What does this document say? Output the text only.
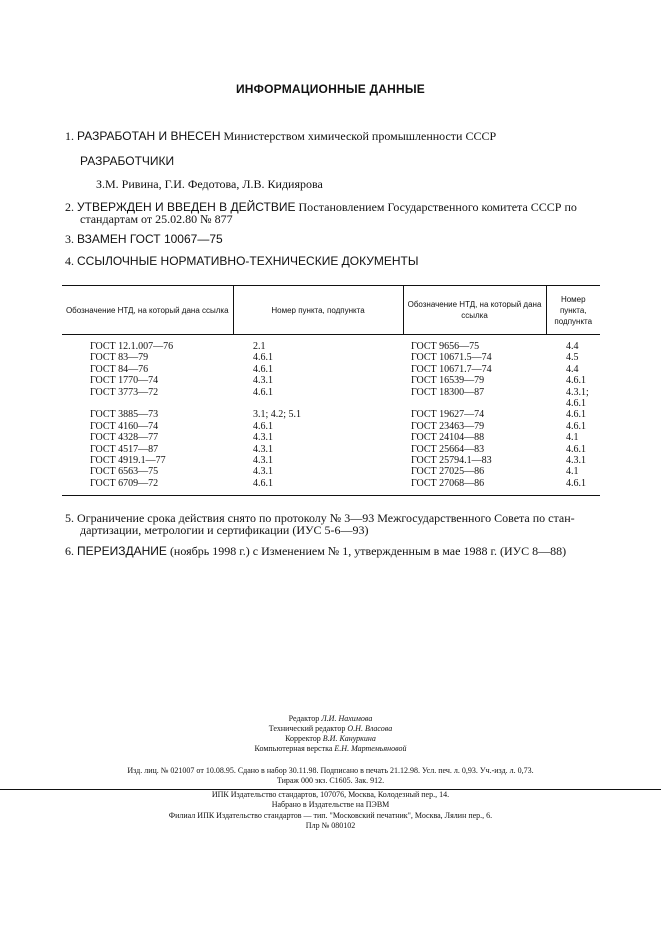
ИНФОРМАЦИОННЫЕ ДАННЫЕ
1. РАЗРАБОТАН И ВНЕСЕН Министерством химической промышленности СССР
РАЗРАБОТЧИКИ
З.М. Ривина, Г.И. Федотова, Л.В. Кидиярова
2. УТВЕРЖДЕН И ВВЕДЕН В ДЕЙСТВИЕ Постановлением Государственного комитета СССР по
стандартам от 25.02.80 № 877
3. ВЗАМЕН ГОСТ 10067—75
4. ССЫЛОЧНЫЕ НОРМАТИВНО-ТЕХНИЧЕСКИЕ ДОКУМЕНТЫ
Обозначение НТД, на который дана ссылка	Номер пункта, подпункта	Обозначение НТД, на который дана ссылка	Номер пункта, подпункта

ГОСТ 12.1.007—76	2.1	ГОСТ 9656—75	4.4
ГОСТ 83—79	4.6.1	ГОСТ 10671.5—74	4.5
ГОСТ 84—76	4.6.1	ГОСТ 10671.7—74	4.4
ГОСТ 1770—74	4.3.1	ГОСТ 16539—79	4.6.1
ГОСТ 3773—72	4.6.1	ГОСТ 18300—87	4.3.1; 4.6.1
ГОСТ 3885—73	3.1; 4.2; 5.1	ГОСТ 19627—74	4.6.1
ГОСТ 4160—74	4.6.1	ГОСТ 23463—79	4.6.1
ГОСТ 4328—77	4.3.1	ГОСТ 24104—88	4.1
ГОСТ 4517—87	4.3.1	ГОСТ 25664—83	4.6.1
ГОСТ 4919.1—77	4.3.1	ГОСТ 25794.1—83	4.3.1
ГОСТ 6563—75	4.3.1	ГОСТ 27025—86	4.1
ГОСТ 6709—72	4.6.1	ГОСТ 27068—86	4.6.1

5. Ограничение срока действия снято по протоколу № 3—93 Межгосударственного Совета по стан-
дартизации, метрологии и сертификации (ИУС 5-6—93)
6. ПЕРЕИЗДАНИЕ (ноябрь 1998 г.) с Изменением № 1, утвержденным в мае 1988 г. (ИУС 8—88)
Редактор Л.И. Нахимова
Технический редактор О.Н. Власова
Корректор В.И. Кануркина
Компьютерная верстка Е.Н. Мартемьяновой
Изд. лиц. № 021007 от 10.08.95. Сдано в набор 30.11.98. Подписано в печать 21.12.98. Усл. печ. л. 0,93. Уч.-изд. л. 0,73.
Тираж 000 экз. С1605. Зак. 912.
ИПК Издательство стандартов, 107076, Москва, Колодезный пер., 14.
Набрано в Издательстве на ПЭВМ
Филиал ИПК Издательство стандартов — тип. "Московский печатник", Москва, Лялин пер., 6.
Плр № 080102
